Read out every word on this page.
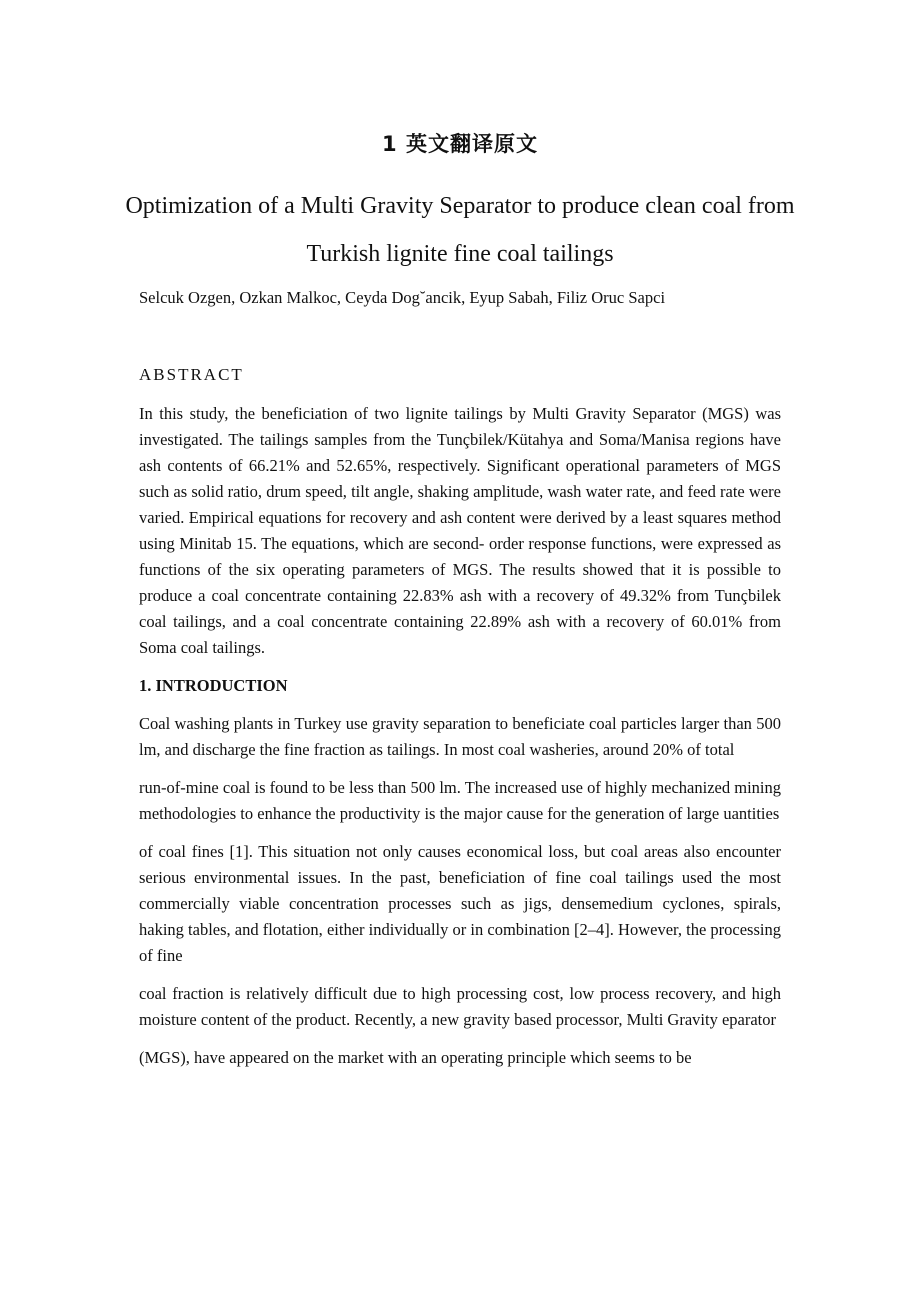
1 英文翻译原文
Optimization of a Multi Gravity Separator to produce clean coal from Turkish lignite fine coal tailings
Selcuk Ozgen, Ozkan Malkoc, Ceyda Dog˘ancik, Eyup Sabah, Filiz Oruc Sapci
ABSTRACT

In this study, the beneficiation of two lignite tailings by Multi Gravity Separator (MGS) was investigated. The tailings samples from the Tunçbilek/Kütahya and Soma/Manisa regions have ash contents of 66.21% and 52.65%, respectively. Significant operational parameters of MGS such as solid ratio, drum speed, tilt angle, shaking amplitude, wash water rate, and feed rate were varied. Empirical equations for recovery and ash content were derived by a least squares method using Minitab 15. The equations, which are second- order response functions, were expressed as functions of the six operating parameters of MGS. The results showed that it is possible to produce a coal concentrate containing 22.83% ash with a recovery of 49.32% from Tunçbilek coal tailings, and a coal concentrate containing 22.89% ash with a recovery of 60.01% from Soma coal tailings.

1. INTRODUCTION

Coal washing plants in Turkey use gravity separation to beneficiate coal particles larger than 500 lm, and discharge the fine fraction as tailings. In most coal washeries, around 20% of total

run-of-mine coal is found to be less than 500 lm. The increased use of highly mechanized mining methodologies to enhance the productivity is the major cause for the generation of large uantities

of coal fines [1]. This situation not only causes economical loss, but coal areas also encounter serious environmental issues. In the past, beneficiation of fine coal tailings used the most commercially viable concentration processes such as jigs, densemedium cyclones, spirals, haking tables, and flotation, either individually or in combination [2–4]. However, the processing of fine

coal fraction is relatively difficult due to high processing cost, low process recovery, and high moisture content of the product. Recently, a new gravity based processor, Multi Gravity eparator

(MGS), have appeared on the market with an operating principle which seems to be
